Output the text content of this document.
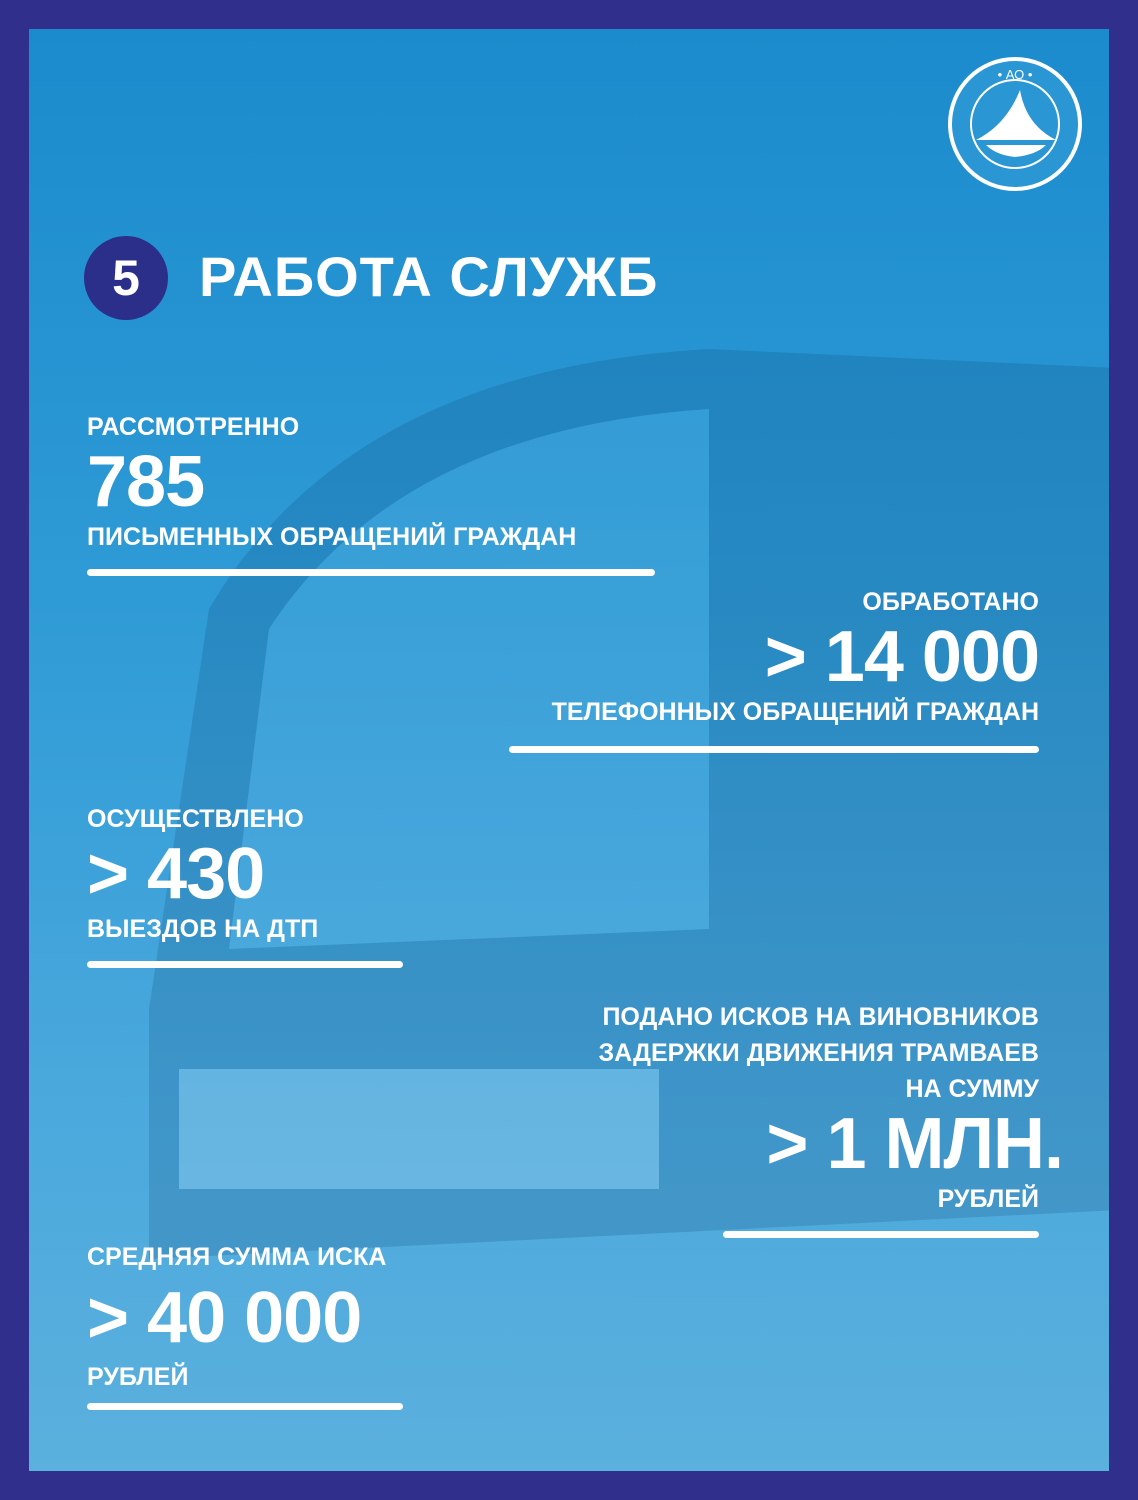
• АО •
5	РАБОТА СЛУЖБ
РАССМОТРЕННО
785
ПИСЬМЕННЫХ ОБРАЩЕНИЙ ГРАЖДАН
ОБРАБОТАНО
> 14 000
ТЕЛЕФОННЫХ ОБРАЩЕНИЙ ГРАЖДАН
ОСУЩЕСТВЛЕНО
> 430
ВЫЕЗДОВ НА ДТП
ПОДАНО ИСКОВ НА ВИНОВНИКОВ
ЗАДЕРЖКИ ДВИЖЕНИЯ ТРАМВАЕВ
НА СУММУ
> 1 МЛН.
РУБЛЕЙ
СРЕДНЯЯ СУММА ИСКА
> 40 000
РУБЛЕЙ
